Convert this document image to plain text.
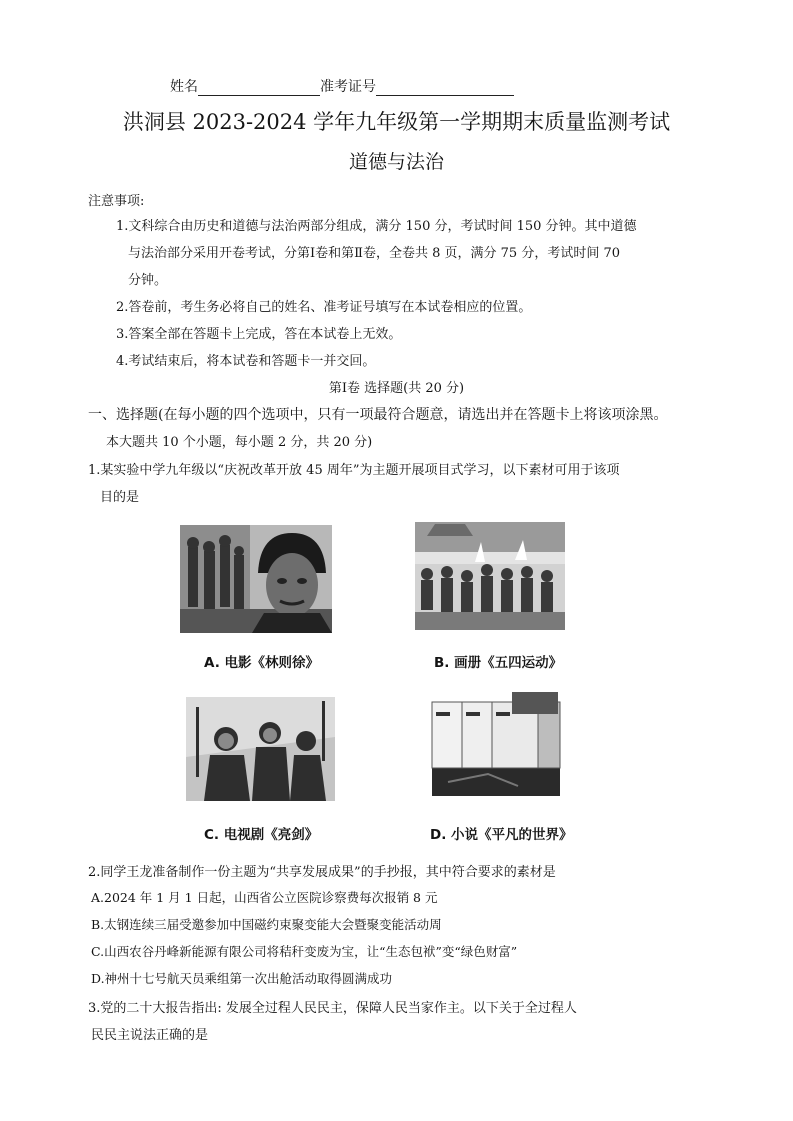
姓名	准考证号
洪洞县 2023-2024 学年九年级第一学期期末质量监测考试
道德与法治
注意事项:
1.文科综合由历史和道德与法治两部分组成，满分 150 分，考试时间 150 分钟。其中道德
与法治部分采用开卷考试，分第Ⅰ卷和第Ⅱ卷，全卷共 8 页，满分 75 分，考试时间 70
分钟。
2.答卷前，考生务必将自己的姓名、准考证号填写在本试卷相应的位置。
3.答案全部在答题卡上完成，答在本试卷上无效。
4.考试结束后，将本试卷和答题卡一并交回。
第Ⅰ卷 选择题(共 20 分)
一、选择题(在每小题的四个选项中，只有一项最符合题意，请选出并在答题卡上将该项涂黑。
本大题共 10 个小题，每小题 2 分，共 20 分)
1.某实验中学九年级以“庆祝改革开放 45 周年”为主题开展项目式学习，以下素材可用于该项
目的是
A. 电影《林则徐》	B. 画册《五四运动》
C. 电视剧《亮剑》	D. 小说《平凡的世界》
2.同学王龙准备制作一份主题为“共享发展成果”的手抄报，其中符合要求的素材是
A.2024 年 1 月 1 日起，山西省公立医院诊察费每次报销 8 元
B.太钢连续三届受邀参加中国磁约束聚变能大会暨聚变能活动周
C.山西农谷丹峰新能源有限公司将秸秆变废为宝，让“生态包袱”变“绿色财富”
D.神州十七号航天员乘组第一次出舱活动取得圆满成功
3.党的二十大报告指出: 发展全过程人民民主，保障人民当家作主。以下关于全过程人
民民主说法正确的是
